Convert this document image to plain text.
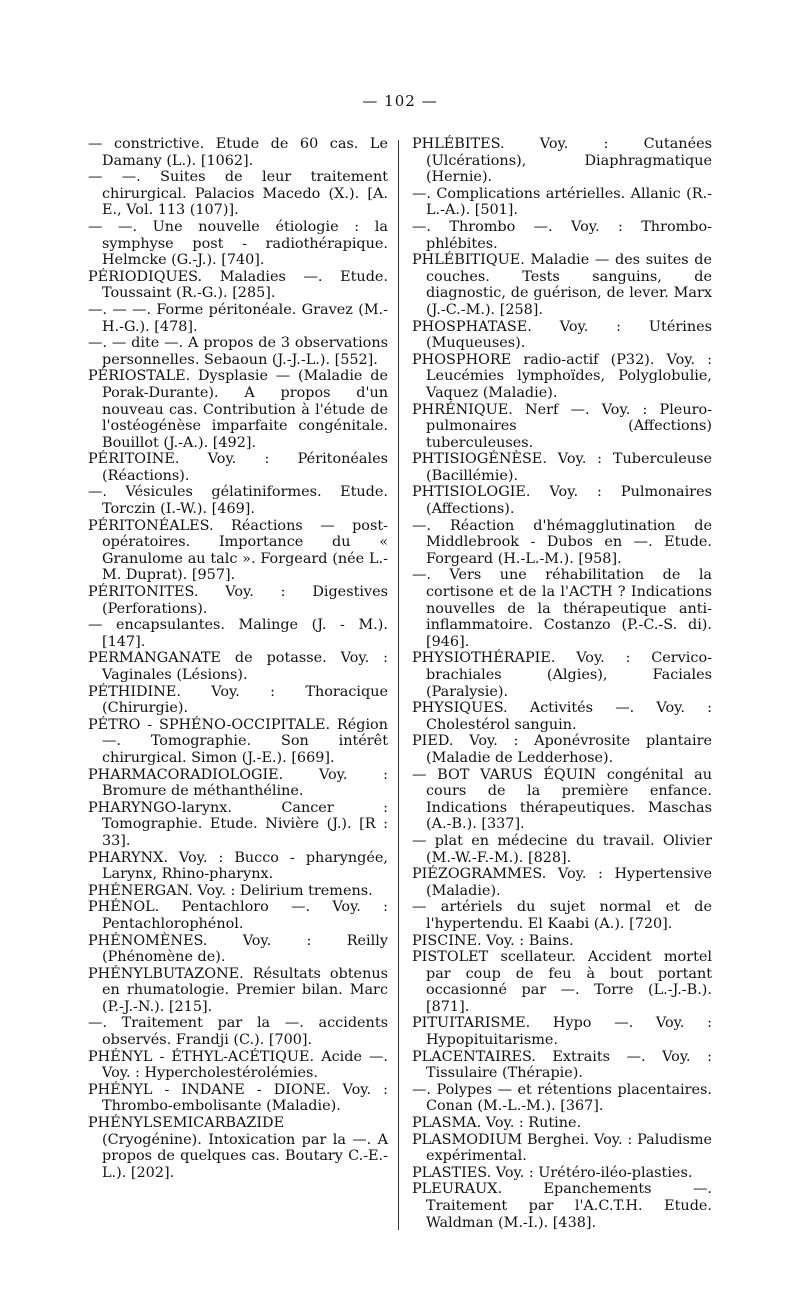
— 102 —

— constrictive. Etude de 60 cas. Le Damany (L.). [1062].

— —. Suites de leur traitement chirurgical. Palacios Macedo (X.). [A. E., Vol. 113 (107)].

— —. Une nouvelle étiologie : la symphyse post - radiothérapique. Helmcke (G.-J.). [740].

PÉRIODIQUES. Maladies —. Etude. Toussaint (R.-G.). [285].

—. — —. Forme péritonéale. Gravez (M.-H.-G.). [478].

—. — dite —. A propos de 3 observations personnelles. Sebaoun (J.-J.-L.). [552].

PÉRIOSTALE. Dysplasie — (Maladie de Porak-Durante). A propos d'un nouveau cas. Contribution à l'étude de l'ostéogénèse imparfaite congénitale. Bouillot (J.-A.). [492].

PÉRITOINE. Voy. : Péritonéales (Réactions).

—. Vésicules gélatiniformes. Etude. Torczin (I.-W.). [469].

PÉRITONÉALES. Réactions — post-opératoires. Importance du « Granulome au talc ». Forgeard (née L.-M. Duprat). [957].

PÉRITONITES. Voy. : Digestives (Perforations).

— encapsulantes. Malinge (J. - M.). [147].

PERMANGANATE de potasse. Voy. : Vaginales (Lésions).

PÉTHIDINE. Voy. : Thoracique (Chirurgie).

PÉTRO - SPHÉNO-OCCIPITALE. Région —. Tomographie. Son intérêt chirurgical. Simon (J.-E.). [669].

PHARMACORADIOLOGIE. Voy. : Bromure de méthanthéline.

PHARYNGO-larynx. Cancer : Tomographie. Etude. Nivière (J.). [R : 33].

PHARYNX. Voy. : Bucco - pharyngée, Larynx, Rhino-pharynx.

PHÉNERGAN. Voy. : Delirium tremens.

PHÉNOL. Pentachloro —. Voy. : Pentachlorophénol.

PHÉNOMÈNES. Voy. : Reilly (Phénomène de).

PHÉNYLBUTAZONE. Résultats obtenus en rhumatologie. Premier bilan. Marc (P.-J.-N.). [215].

—. Traitement par la —. accidents observés. Frandji (C.). [700].

PHÉNYL - ÉTHYL-ACÉTIQUE. Acide —. Voy. : Hypercholestérolémies.

PHÉNYL - INDANE - DIONE. Voy. : Thrombo-embolisante (Maladie).

PHÉNYLSEMICARBAZIDE (Cryogénine). Intoxication par la —. A propos de quelques cas. Boutary C.-E.-L.). [202].

PHLÉBITES. Voy. : Cutanées (Ulcérations), Diaphragmatique (Hernie).

—. Complications artérielles. Allanic (R.-L.-A.). [501].

—. Thrombo —. Voy. : Thrombo-phlébites.

PHLÉBITIQUE. Maladie — des suites de couches. Tests sanguins, de diagnostic, de guérison, de lever. Marx (J.-C.-M.). [258].

PHOSPHATASE. Voy. : Utérines (Muqueuses).

PHOSPHORE radio-actif (P32). Voy. : Leucémies lymphoïdes, Polyglobulie, Vaquez (Maladie).

PHRÉNIQUE. Nerf —. Voy. : Pleuro-pulmonaires (Affections) tuberculeuses.

PHTISIOGÉNÈSE. Voy. : Tuberculeuse (Bacillémie).

PHTISIOLOGIE. Voy. : Pulmonaires (Affections).

—. Réaction d'hémagglutination de Middlebrook - Dubos en —. Etude. Forgeard (H.-L.-M.). [958].

—. Vers une réhabilitation de la cortisone et de la l'ACTH ? Indications nouvelles de la thérapeutique anti-inflammatoire. Costanzo (P.-C.-S. di). [946].

PHYSIOTHÉRAPIE. Voy. : Cervico-brachiales (Algies), Faciales (Paralysie).

PHYSIQUES. Activités —. Voy. : Cholestérol sanguin.

PIED. Voy. : Aponévrosite plantaire (Maladie de Ledderhose).

— BOT VARUS ÉQUIN congénital au cours de la première enfance. Indications thérapeutiques. Maschas (A.-B.). [337].

— plat en médecine du travail. Olivier (M.-W.-F.-M.). [828].

PIÉZOGRAMMES. Voy. : Hypertensive (Maladie).

— artériels du sujet normal et de l'hypertendu. El Kaabi (A.). [720].

PISCINE. Voy. : Bains.

PISTOLET scellateur. Accident mortel par coup de feu à bout portant occasionné par —. Torre (L.-J.-B.). [871].

PITUITARISME. Hypo —. Voy. : Hypopituitarisme.

PLACENTAIRES. Extraits —. Voy. : Tissulaire (Thérapie).

—. Polypes — et rétentions placentaires. Conan (M.-L.-M.). [367].

PLASMA. Voy. : Rutine.

PLASMODIUM Berghei. Voy. : Paludisme expérimental.

PLASTIES. Voy. : Urétéro-iléo-plasties.

PLEURAUX. Epanchements —. Traitement par l'A.C.T.H. Etude. Waldman (M.-I.). [438].
